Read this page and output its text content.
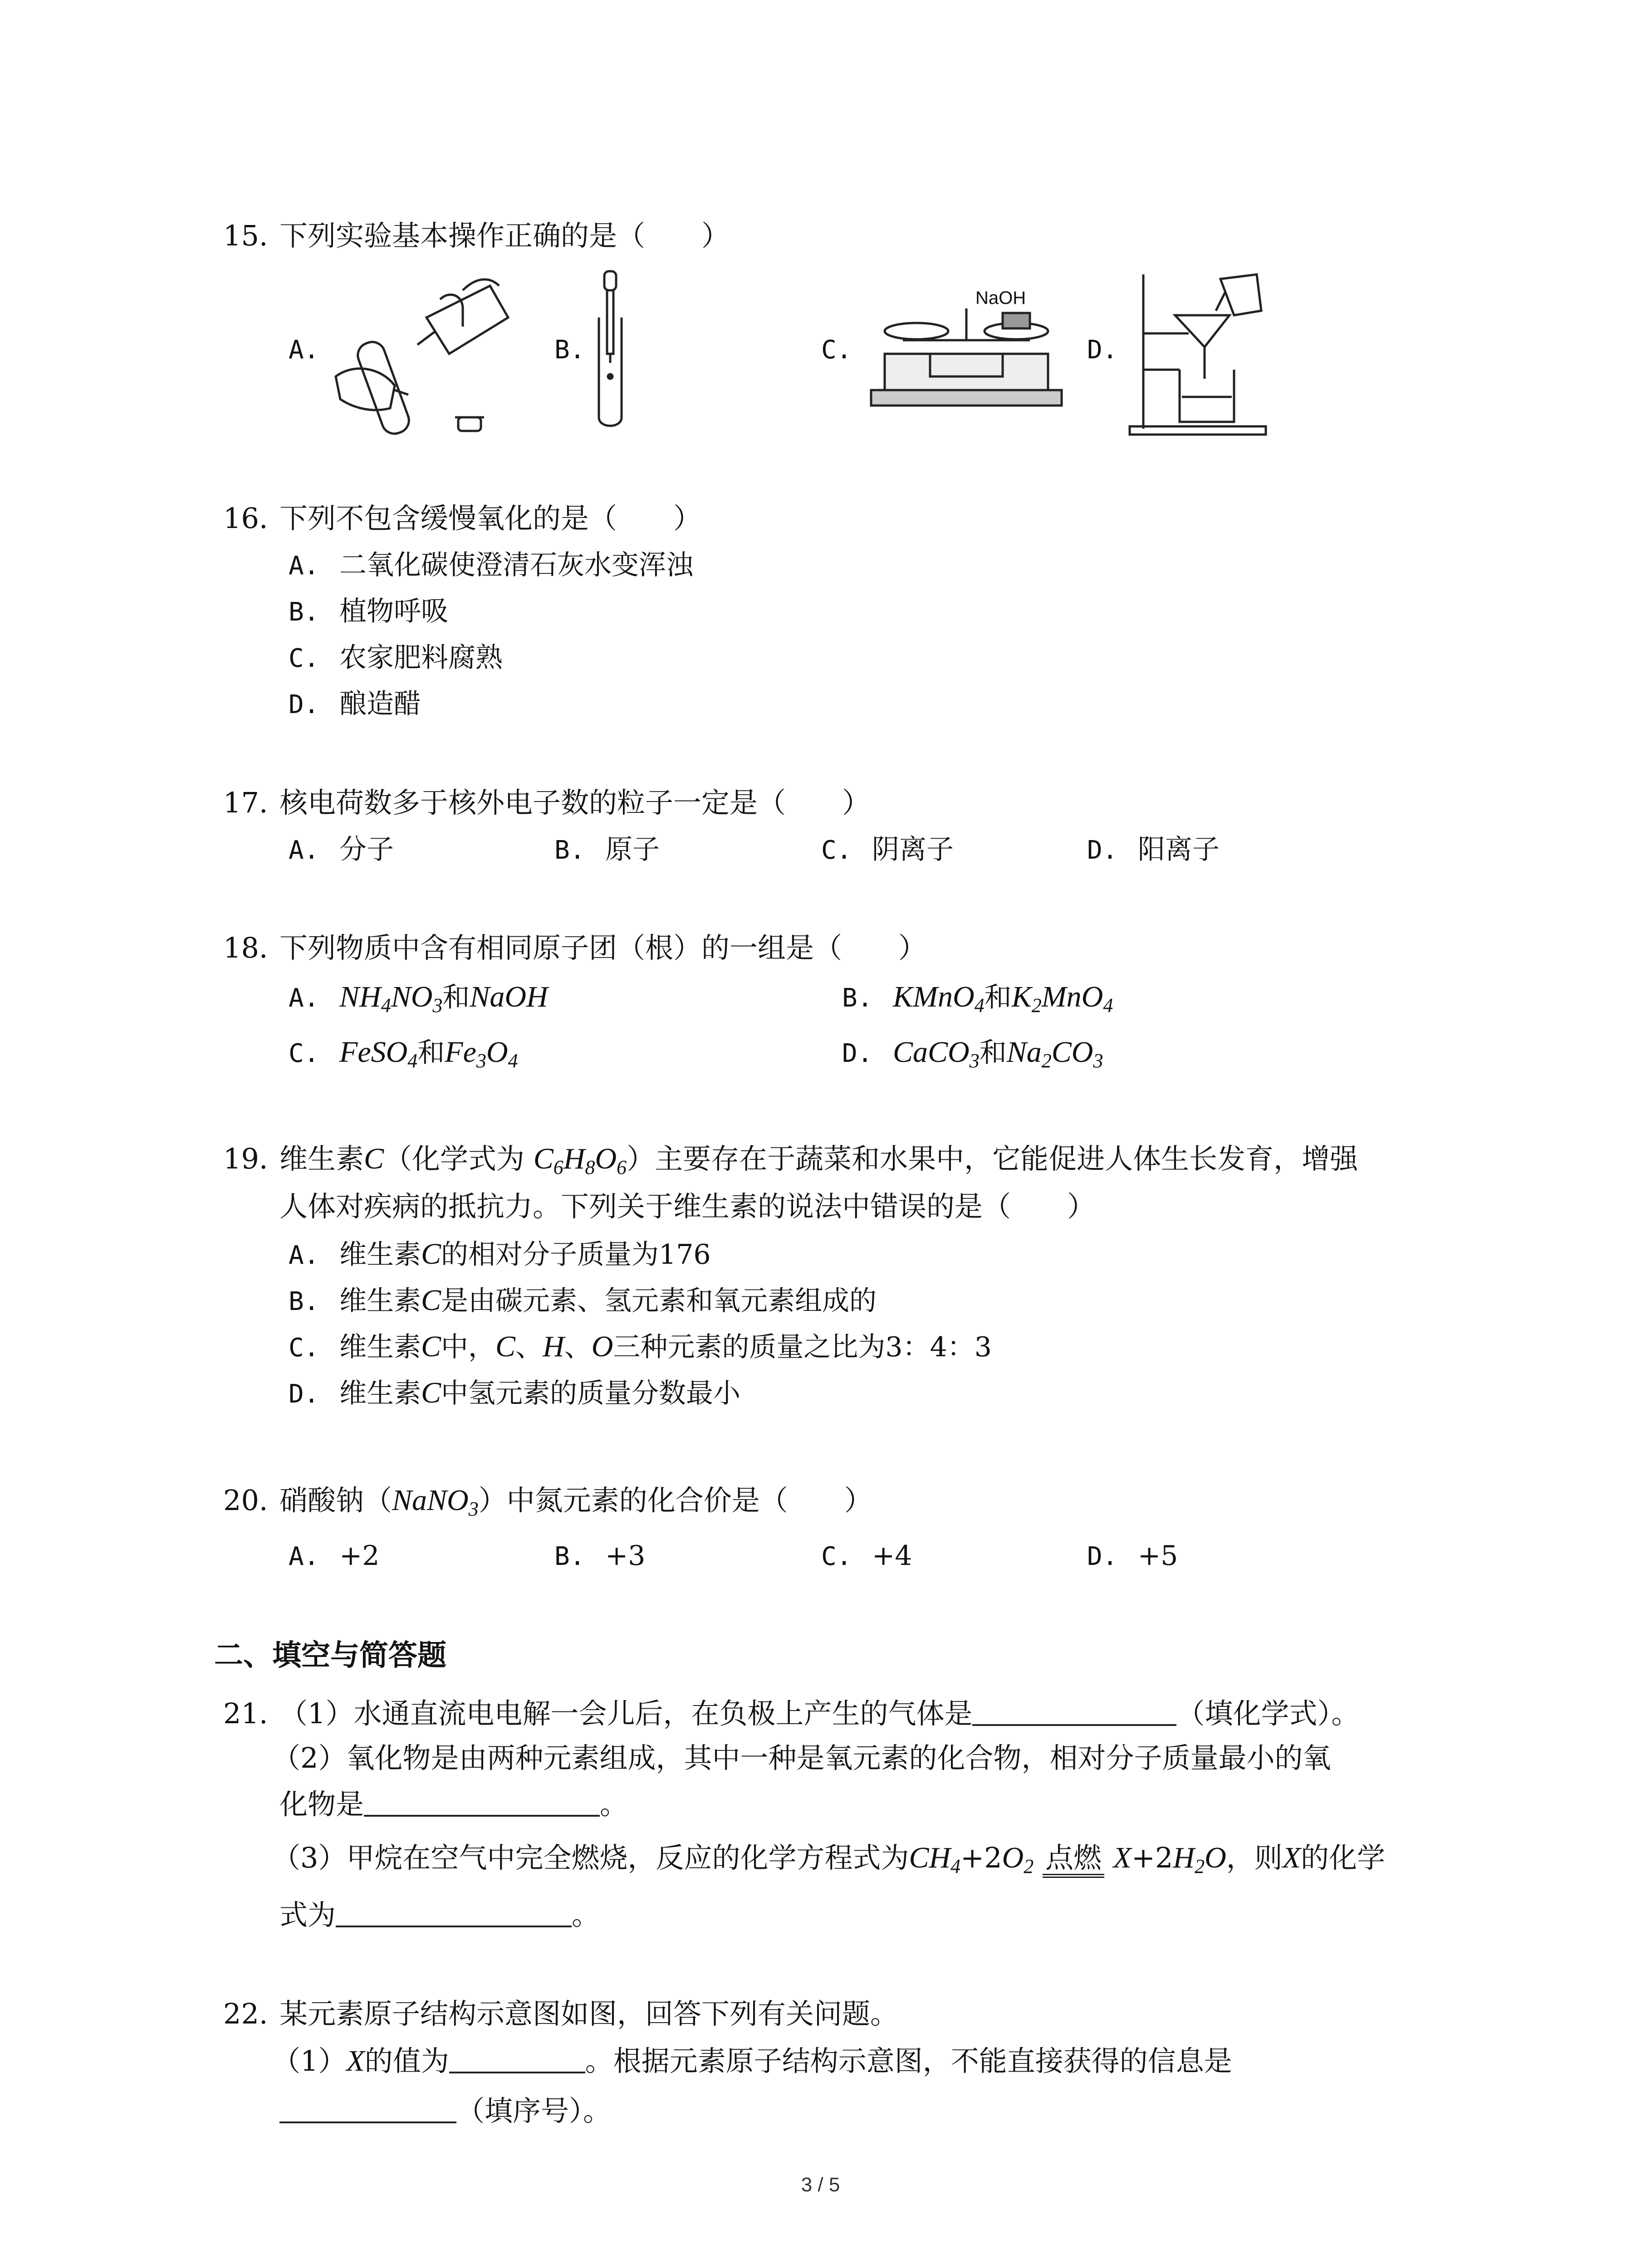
15. 下列实验基本操作正确的是（　　）
A.	B.	C.
NaOH
D.
16. 下列不包含缓慢氧化的是（　　）
A. 二氧化碳使澄清石灰水变浑浊
B. 植物呼吸
C. 农家肥料腐熟
D. 酿造醋
17. 核电荷数多于核外电子数的粒子一定是（　　）
A. 分子	B. 原子	C. 阴离子	D. 阳离子
18. 下列物质中含有相同原子团（根）的一组是（　　）
A. $NH_4NO_3$和NaOH	B. KMnO$_4$和$K_2MnO_4$
C. FeSO$_4$和$Fe_3O_4$	D. CaCO$_3$和$Na_2CO_3$
19. 维生素C（化学式为 $C_6H_8O_6$）主要存在于蔬菜和水果中，它能促进人体生长发育，增强
人体对疾病的抵抗力。下列关于维生素的说法中错误的是（　　）
A. 维生素C的相对分子质量为176
B. 维生素C是由碳元素、氢元素和氧元素组成的
C. 维生素C中，C、H、O三种元素的质量之比为3：4：3
D. 维生素C中氢元素的质量分数最小
20. 硝酸钠（NaNO$_3$）中氮元素的化合价是（　　）
A. +2	B. +3	C. +4	D. +5
二、填空与简答题
21. （1）水通直流电电解一会儿后，在负极上产生的气体是	（填化学式）。
（2）氧化物是由两种元素组成，其中一种是氧元素的化合物，相对分子质量最小的氧
化物是	。
（3）甲烷在空气中完全燃烧，反应的化学方程式为$CH_4+2O_2$ 点燃 $X+2H_2O$，则X的化学
式为	。
22. 某元素原子结构示意图如图，回答下列有关问题。
（1）X的值为	。根据元素原子结构示意图，不能直接获得的信息是
（填序号）。
3 / 5
